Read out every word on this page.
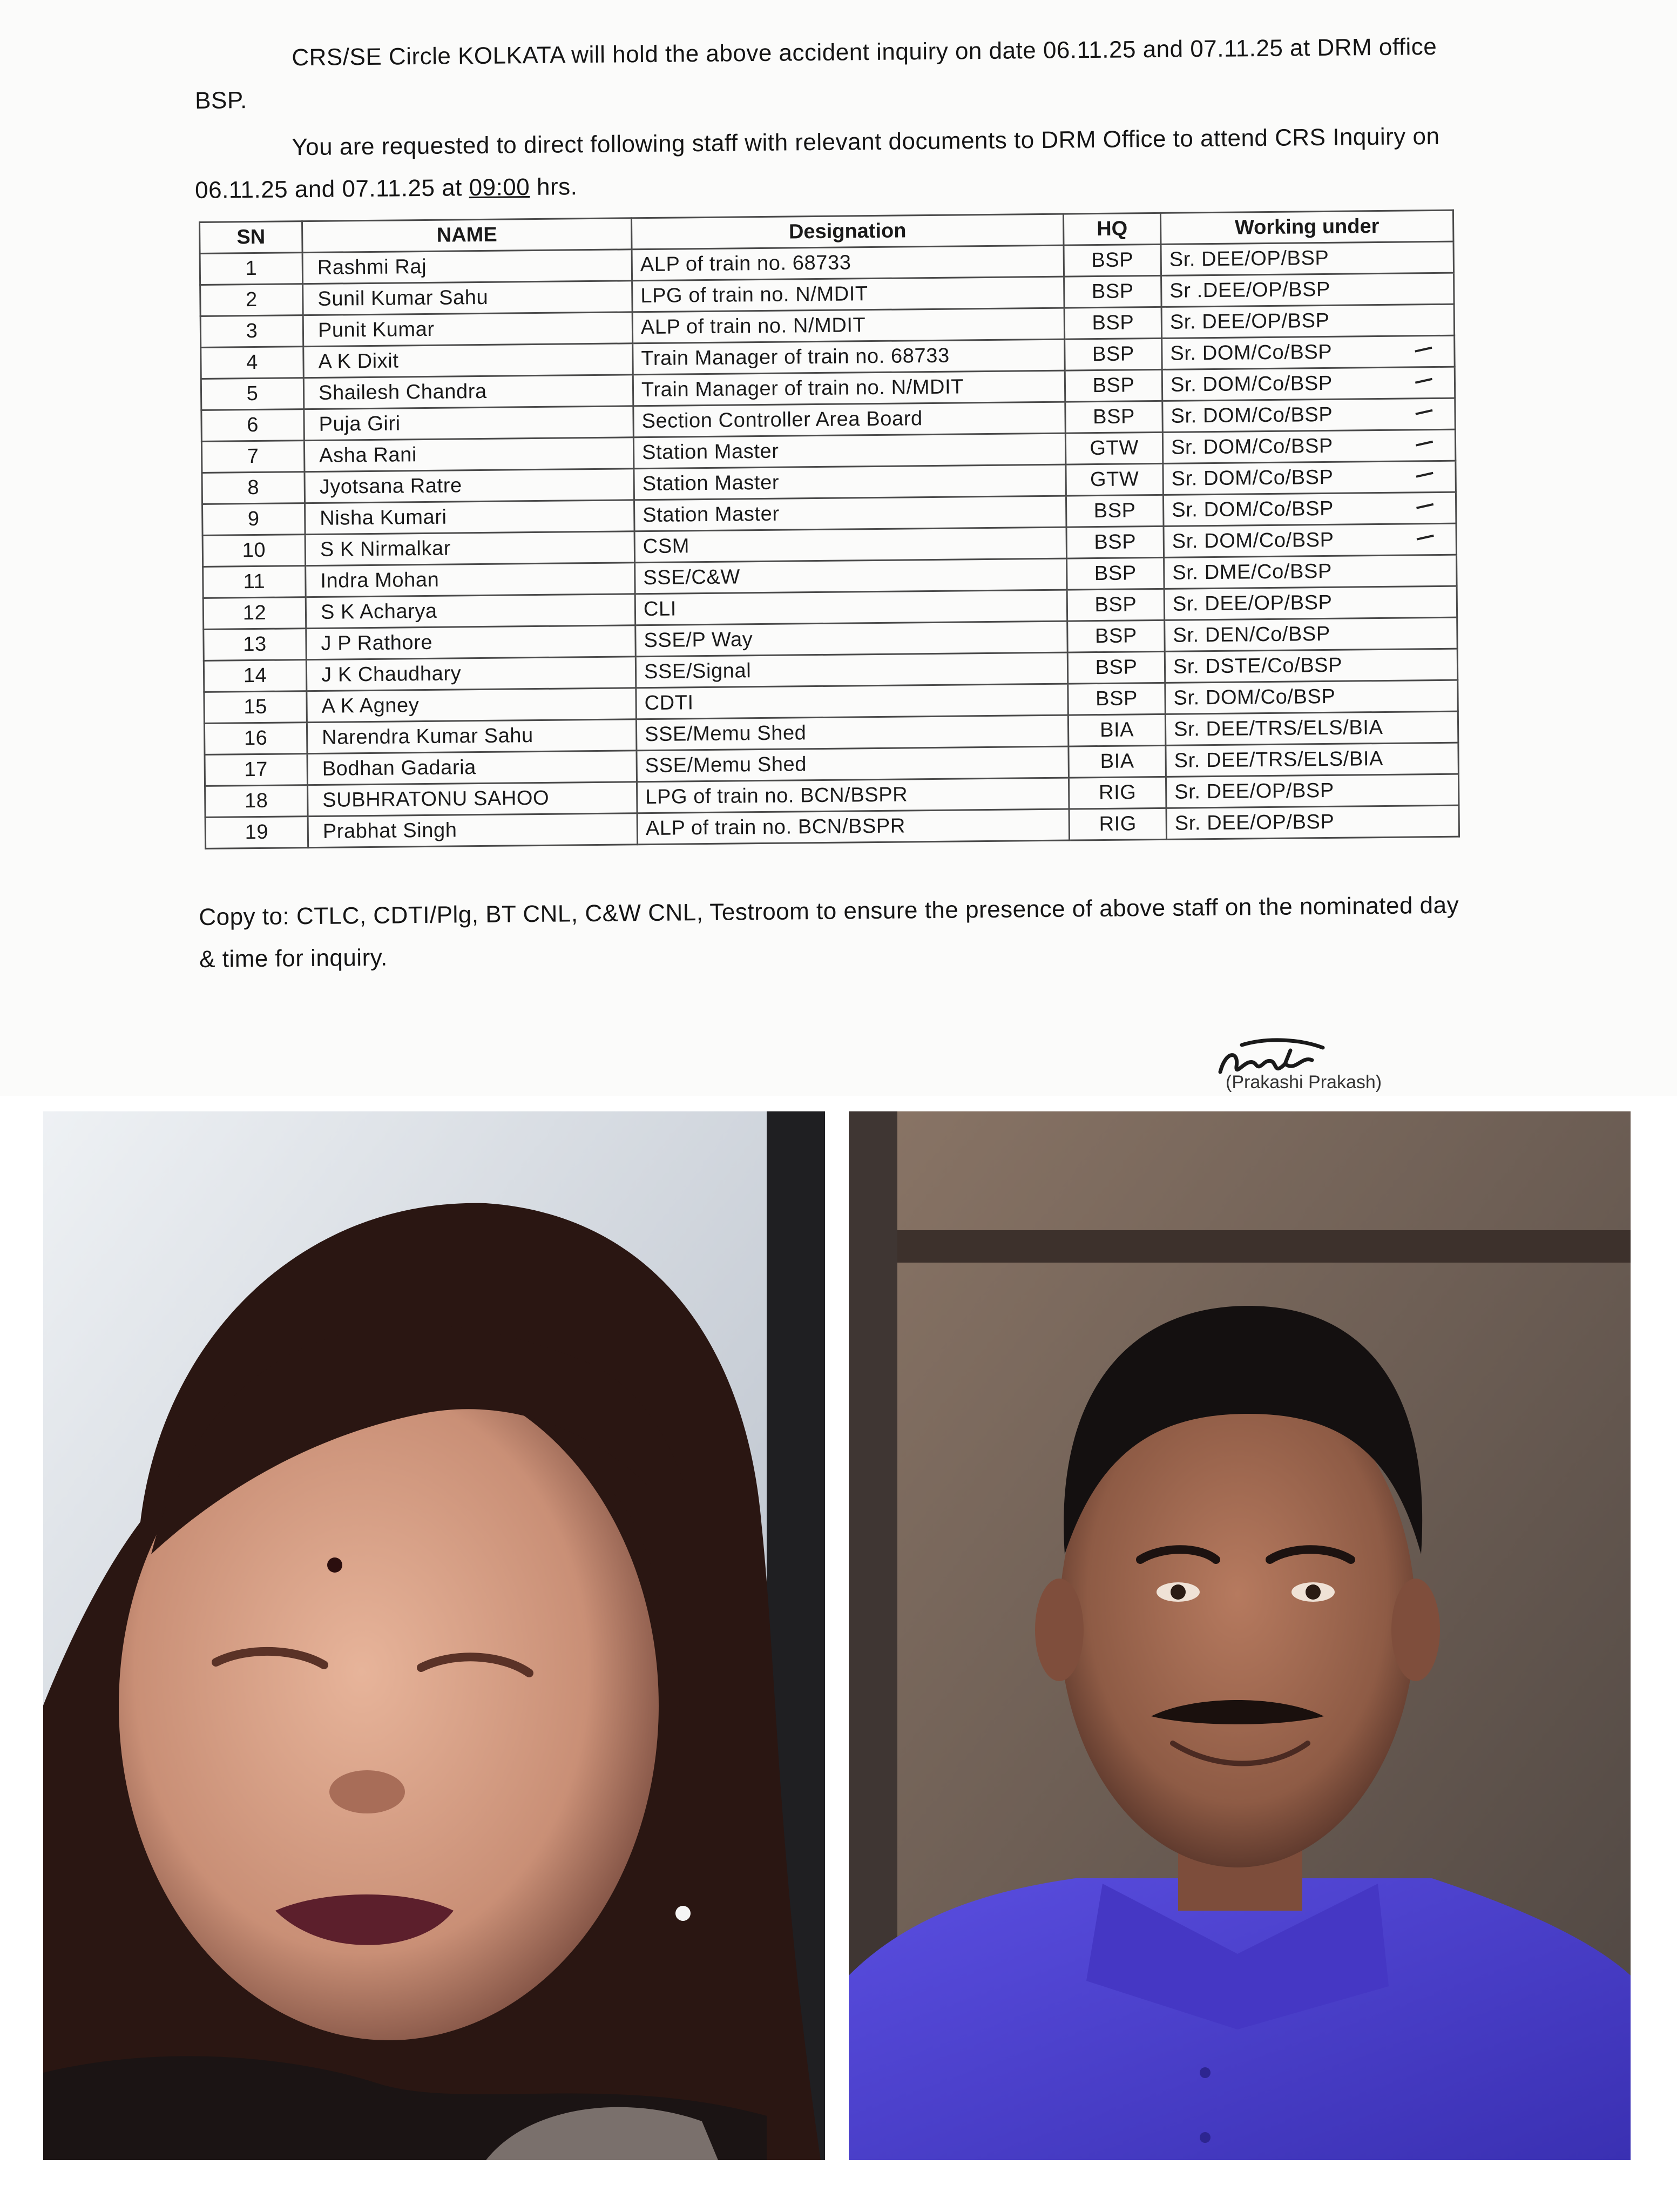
CRS/SE Circle KOLKATA will hold the above accident inquiry on date 06.11.25 and 07.11.25 at DRM office BSP.
You are requested to direct following staff with relevant documents to DRM Office to attend CRS Inquiry on 06.11.25 and 07.11.25 at 09:00 hrs.
SN	NAME	Designation	HQ	Working under
1	Rashmi Raj	ALP of train no. 68733	BSP	Sr. DEE/OP/BSP
2	Sunil Kumar Sahu	LPG of train no. N/MDIT	BSP	Sr .DEE/OP/BSP
3	Punit Kumar	ALP of train no. N/MDIT	BSP	Sr. DEE/OP/BSP
4	A K Dixit	Train Manager of train no. 68733	BSP	Sr. DOM/Co/BSP

5	Shailesh Chandra	Train Manager of train no. N/MDIT	BSP	Sr. DOM/Co/BSP

6	Puja Giri	Section Controller Area Board	BSP	Sr. DOM/Co/BSP

7	Asha Rani	Station Master	GTW	Sr. DOM/Co/BSP

8	Jyotsana Ratre	Station Master	GTW	Sr. DOM/Co/BSP

9	Nisha Kumari	Station Master	BSP	Sr. DOM/Co/BSP

10	S K Nirmalkar	CSM	BSP	Sr. DOM/Co/BSP

11	Indra Mohan	SSE/C&W	BSP	Sr. DME/Co/BSP
12	S K Acharya	CLI	BSP	Sr. DEE/OP/BSP
13	J P Rathore	SSE/P Way	BSP	Sr. DEN/Co/BSP
14	J K Chaudhary	SSE/Signal	BSP	Sr. DSTE/Co/BSP
15	A K Agney	CDTI	BSP	Sr. DOM/Co/BSP
16	Narendra Kumar Sahu	SSE/Memu Shed	BIA	Sr. DEE/TRS/ELS/BIA
17	Bodhan Gadaria	SSE/Memu Shed	BIA	Sr. DEE/TRS/ELS/BIA
18	SUBHRATONU SAHOO	LPG of train no. BCN/BSPR	RIG	Sr. DEE/OP/BSP
19	Prabhat Singh	ALP of train no. BCN/BSPR	RIG	Sr. DEE/OP/BSP
Copy to: CTLC, CDTI/Plg, BT CNL, C&W CNL, Testroom to ensure the presence of above staff on the nominated day & time for inquiry.
(Prakashi Prakash)
